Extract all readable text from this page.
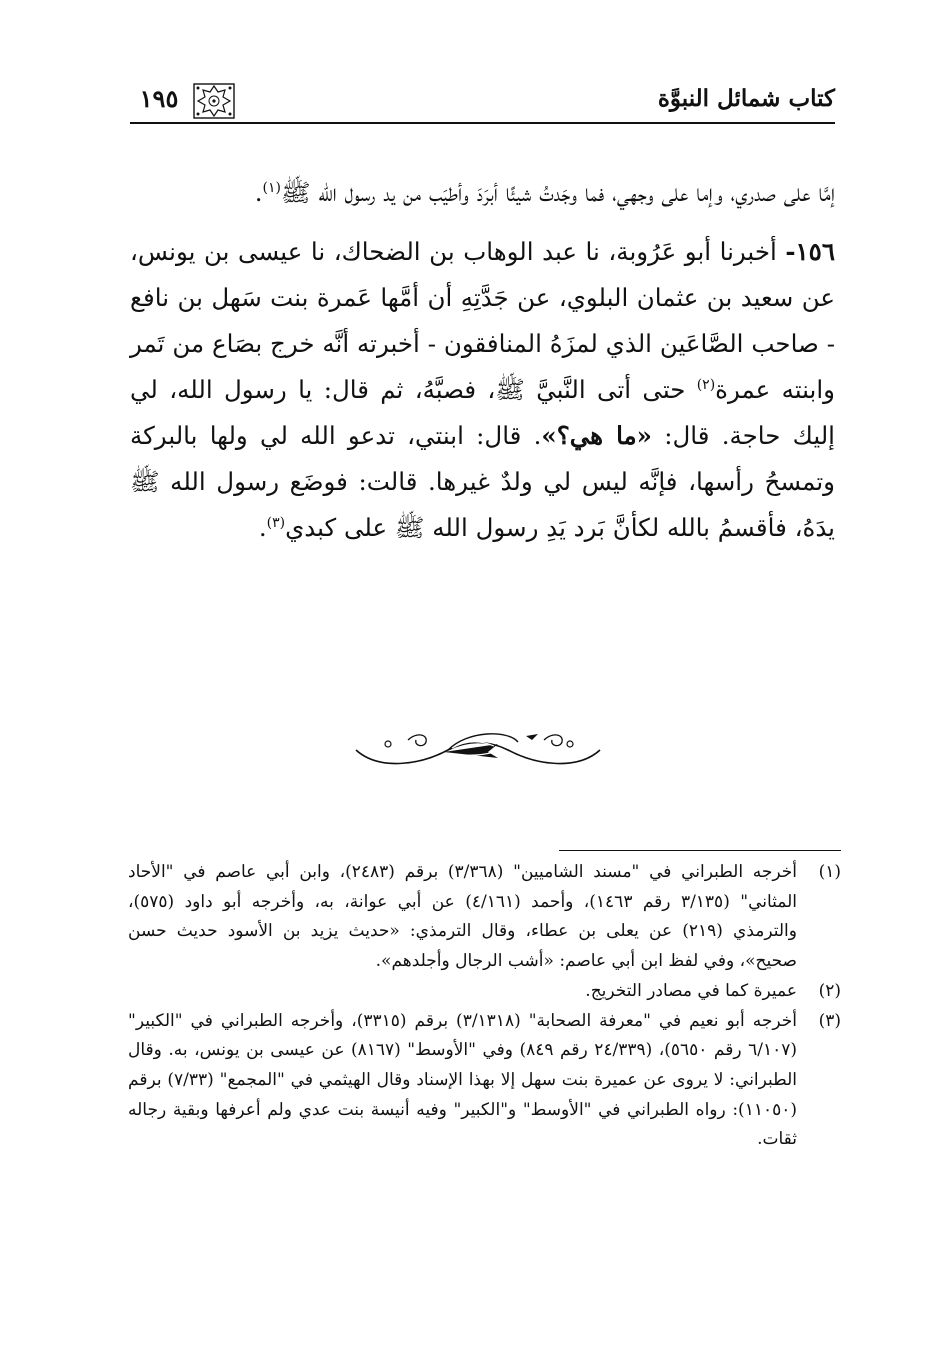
كتاب شمائل النبوَّة
١٩٥

إمَّا على صدري، وإما على وجهي، فما وجَدتُ شيئًا أبرَدَ وأطيَب من يد رسول الله ﷺ$^{(١)}$.

١٥٦- أخبرنا أبو عَرُوبة، نا عبد الوهاب بن الضحاك، نا عيسى بن يونس، عن سعيد بن عثمان البلوي، عن جَدَّتِهِ أن أمَّها عَمرة بنت سَهل بن نافع - صاحب الصَّاعَين الذي لمزَهُ المنافقون - أخبرته أنَّه خرج بصَاع من تَمر وابنته عمرة$^{(٢)}$ حتى أتى النَّبيَّ ﷺ، فصبَّهُ، ثم قال: يا رسول الله، لي إليك حاجة. قال: «ما هي؟». قال: ابنتي، تدعو الله لي ولها بالبركة وتمسحُ رأسها، فإنَّه ليس لي ولدٌ غيرها. قالت: فوضَع رسول الله ﷺ يدَهُ، فأقسمُ بالله لكأنَّ بَرد يَدِ رسول الله ﷺ على كبدي$^{(٣)}$.

(١)
أخرجه الطبراني في "مسند الشاميين" (٣/٣٦٨) برقم (٢٤٨٣)، وابن أبي عاصم في "الأحاد المثاني" (٣/١٣٥ رقم ١٤٦٣)، وأحمد (٤/١٦١) عن أبي عوانة، به، وأخرجه أبو داود (٥٧٥)، والترمذي (٢١٩) عن يعلى بن عطاء، وقال الترمذي: «حديث يزيد بن الأسود حديث حسن صحيح»، وفي لفظ ابن أبي عاصم: «أشب الرجال وأجلدهم».

(٢)
عميرة كما في مصادر التخريج.

(٣)
أخرجه أبو نعيم في "معرفة الصحابة" (٣/١٣١٨) برقم (٣٣١٥)، وأخرجه الطبراني في "الكبير" (٦/١٠٧ رقم ٥٦٥٠)، (٢٤/٣٣٩ رقم ٨٤٩) وفي "الأوسط" (٨١٦٧) عن عيسى بن يونس، به. وقال الطبراني: لا يروى عن عميرة بنت سهل إلا بهذا الإسناد وقال الهيثمي في "المجمع" (٧/٣٣) برقم (١١٠٥٠): رواه الطبراني في "الأوسط" و"الكبير" وفيه أنيسة بنت عدي ولم أعرفها وبقية رجاله ثقات.
